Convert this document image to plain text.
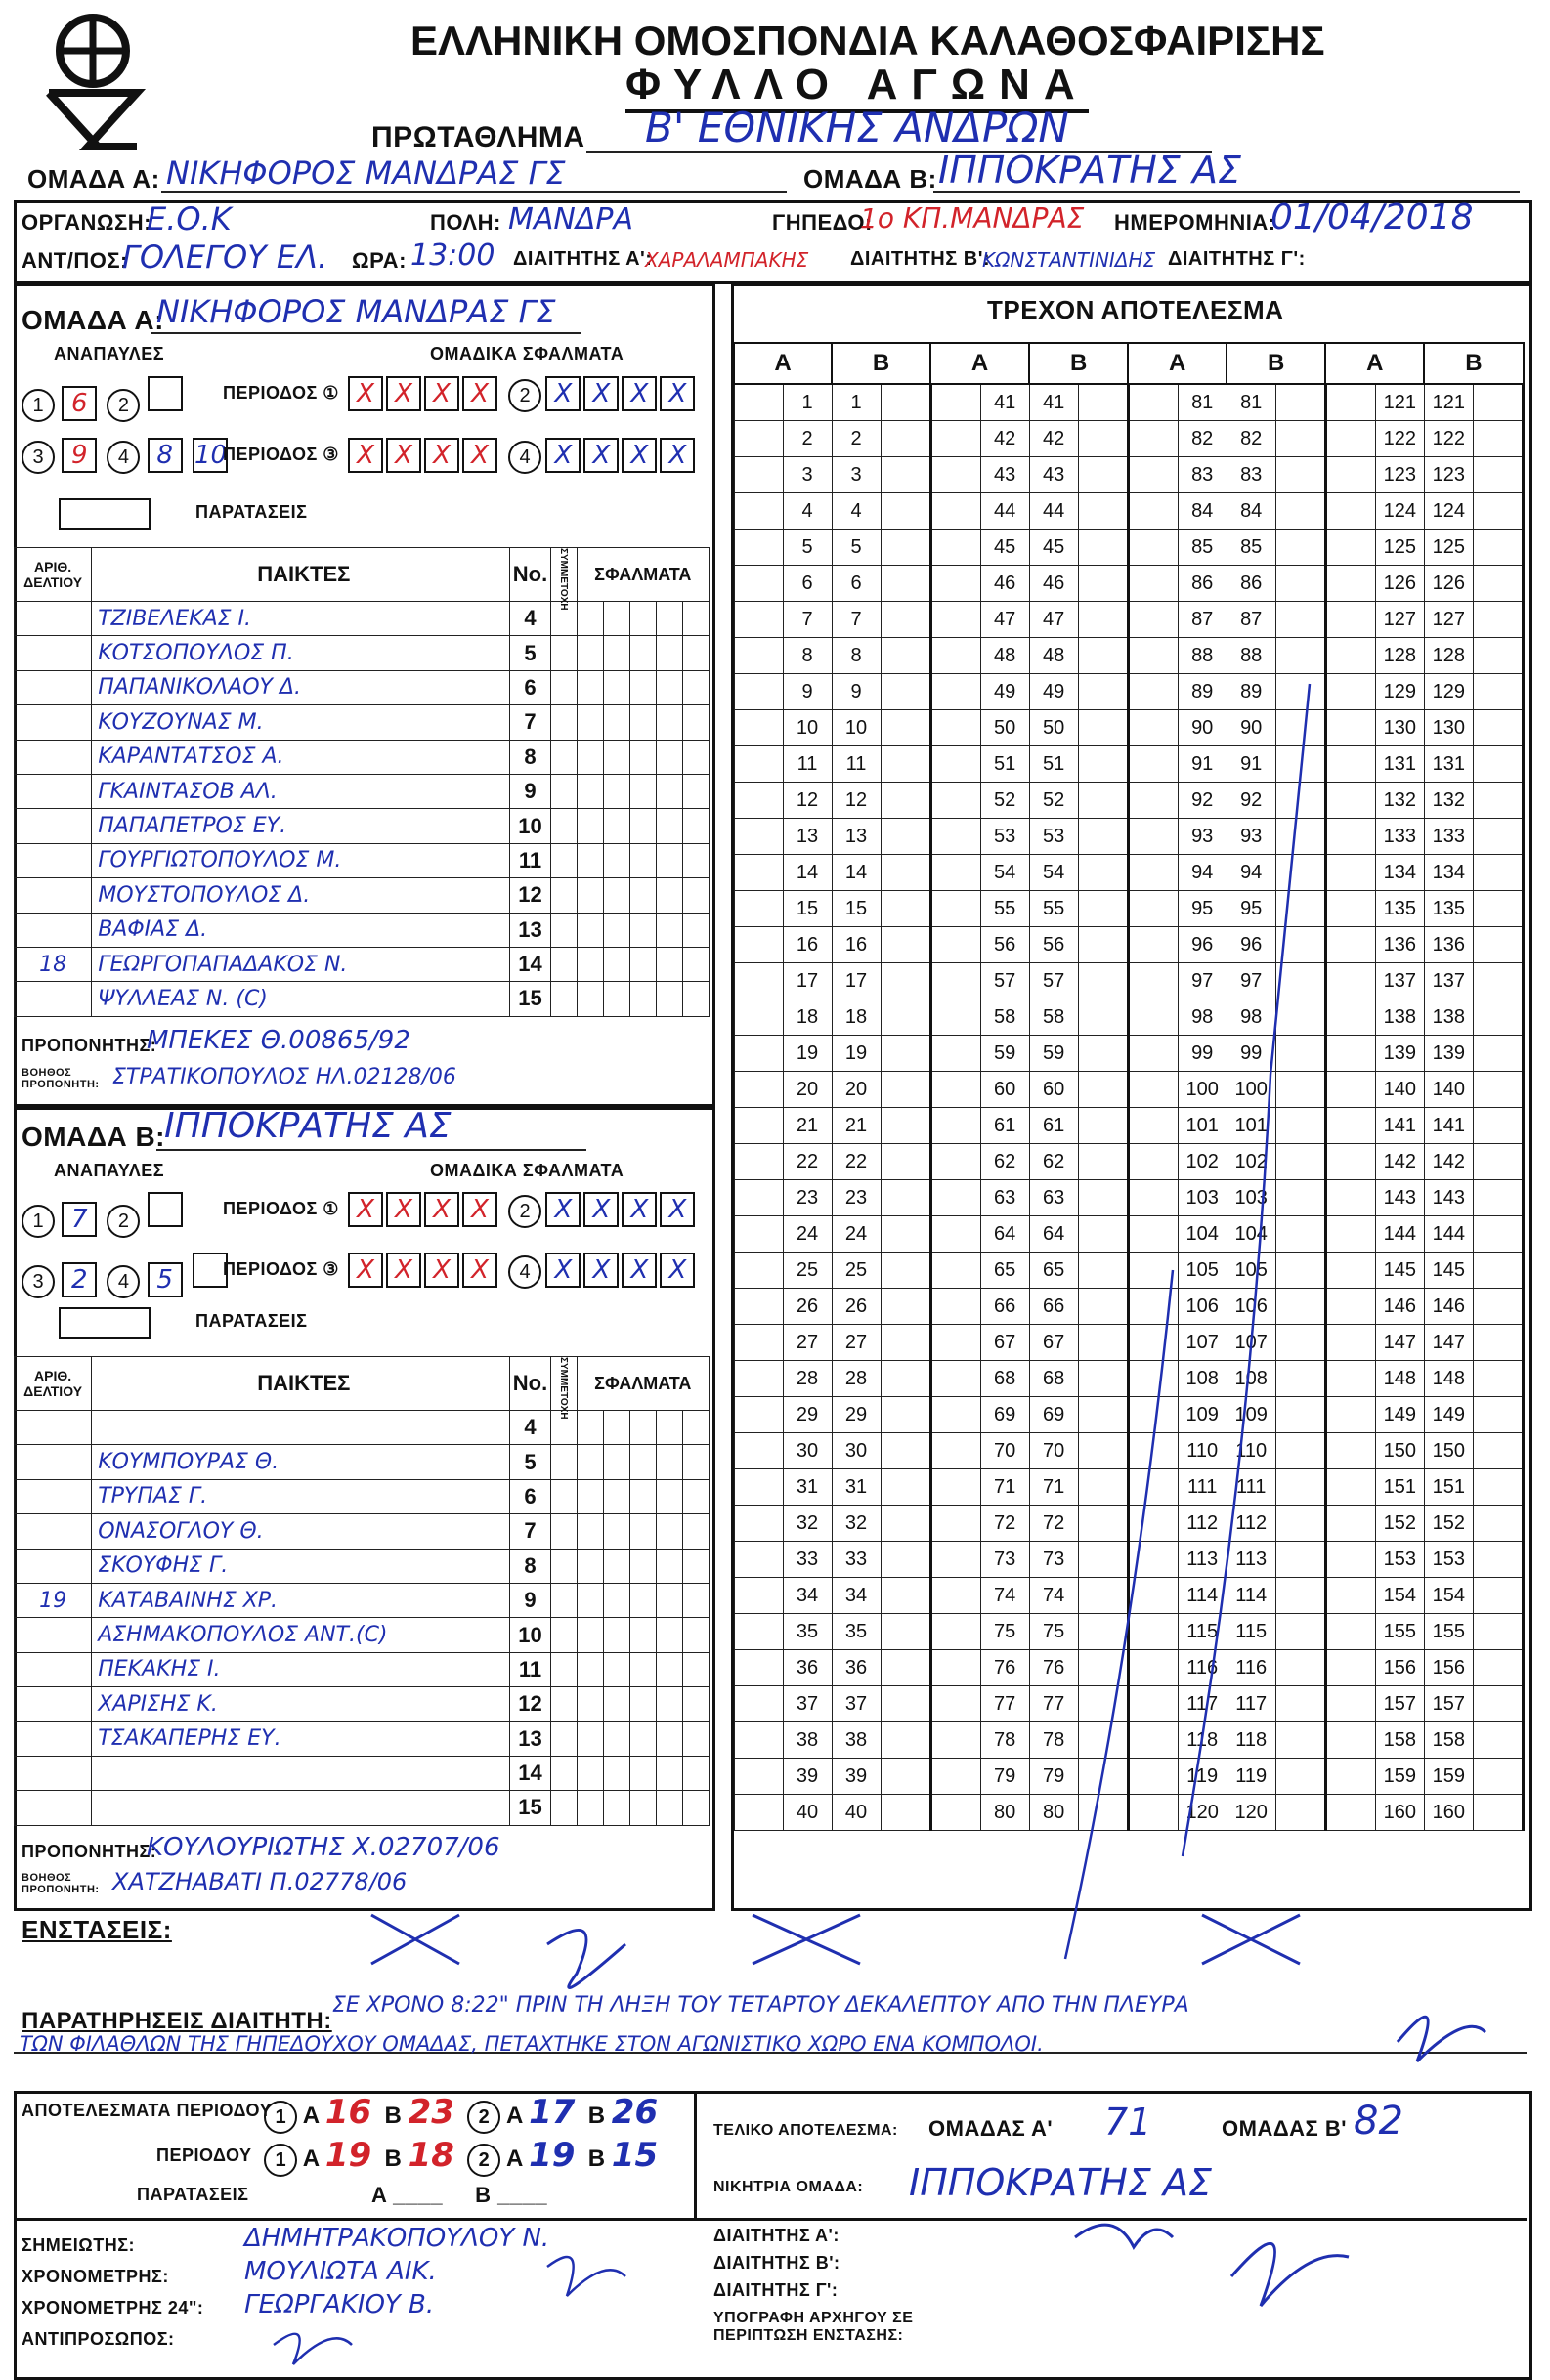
ΕΛΛΗΝΙΚΗ ΟΜΟΣΠΟΝΔΙΑ ΚΑΛΑΘΟΣΦΑΙΡΙΣΗΣ
ΦΥΛΛΟ ΑΓΩΝΑ
ΠΡΩΤΑΘΛΗΜΑ Β' ΕΘΝΙΚΗΣ ΑΝΔΡΩΝ
ΟΜΑΔΑ Α: ΝΙΚΗΦΟΡΟΣ ΜΑΝΔΡΑΣ ΓΣ	ΟΜΑΔΑ Β: ΙΠΠΟΚΡΑΤΗΣ ΑΣ
ΟΡΓΑΝΩΣΗ:
Ε.Ο.Κ	ΠΟΛΗ: ΜΑΝΔΡΑ	ΓΗΠΕΔΟ:
1ο ΚΠ.ΜΑΝΔΡΑΣ ΗΜΕΡΟΜΗΝΙΑ:
01/04/2018
ΑΝΤ/ΠΟΣ:
ΓΟΛΕΓΟΥ ΕΛ. ΩΡΑ: 13:00 ΔΙΑΙΤΗΤΗΣ Α':
ΧΑΡΑΛΑΜΠΑΚΗΣ ΔΙΑΙΤΗΤΗΣ Β':
ΚΩΝΣΤΑΝΤΙΝΙΔΗΣ ΔΙΑΙΤΗΤΗΣ Γ':
ΟΜΑΔΑ Α:
ΝΙΚΗΦΟΡΟΣ ΜΑΝΔΡΑΣ ΓΣ
ΑΝΑΠΑΥΛΕΣ	ΟΜΑΔΙΚΑ ΣΦΑΛΜΑΤΑ
1 6 2
ΠΕΡΙΟΔΟΣ ① X X X X	2 X X X X
3 9 4 8 10
ΠΕΡΙΟΔΟΣ ③ X X X X	4 X X X X
ΠΑΡΑΤΑΣΕΙΣ
ΑΡΙΘ. ΔΕΛΤΙΟΥ	ΠΑΙΚΤΕΣ	No.	ΣΥΜΜΕΤΟΧΗ	ΣΦΑΛΜΑΤΑ				
	ΤΖΙΒΕΛΕΚΑΣ Ι.	4						
	ΚΟΤΣΟΠΟΥΛΟΣ Π.	5						
	ΠΑΠΑΝΙΚΟΛΑΟΥ Δ.	6						
	ΚΟΥΖΟΥΝΑΣ Μ.	7						
	ΚΑΡΑΝΤΑΤΣΟΣ Α.	8						
	ΓΚΑΙΝΤΑΣΟΒ ΑΛ.	9						
	ΠΑΠΑΠΕΤΡΟΣ ΕΥ.	10						
	ΓΟΥΡΓΙΩΤΟΠΟΥΛΟΣ Μ.	11						
	ΜΟΥΣΤΟΠΟΥΛΟΣ Δ.	12						
	ΒΑΦΙΑΣ Δ.	13						
18	ΓΕΩΡΓΟΠΑΠΑΔΑΚΟΣ Ν.	14						
	ΨΥΛΛΕΑΣ Ν. (C)	15						
ΠΡΟΠΟΝΗΤΗΣ:
ΜΠΕΚΕΣ Θ.00865/92
ΒΟΗΘΟΣ ΠΡΟΠΟΝΗΤΗ: ΣΤΡΑΤΙΚΟΠΟΥΛΟΣ ΗΛ.02128/06
ΟΜΑΔΑ Β: ΙΠΠΟΚΡΑΤΗΣ ΑΣ
ΑΝΑΠΑΥΛΕΣ	ΟΜΑΔΙΚΑ ΣΦΑΛΜΑΤΑ
1 7 2
ΠΕΡΙΟΔΟΣ ① X X X X	2 X X X X
3 2 4 5	ΠΕΡΙΟΔΟΣ ③ X X X X	4 X X X X
ΠΑΡΑΤΑΣΕΙΣ
ΑΡΙΘ. ΔΕΛΤΙΟΥ	ΠΑΙΚΤΕΣ	No.	ΣΥΜΜΕΤΟΧΗ	ΣΦΑΛΜΑΤΑ				
		4						
	ΚΟΥΜΠΟΥΡΑΣ Θ.	5						
	ΤΡΥΠΑΣ Γ.	6						
	ΟΝΑΣΟΓΛΟΥ Θ.	7						
	ΣΚΟΥΦΗΣ Γ.	8						
19	ΚΑΤΑΒΑΙΝΗΣ ΧΡ.	9						
	ΑΣΗΜΑΚΟΠΟΥΛΟΣ ΑΝΤ.(C)	10						
	ΠΕΚΑΚΗΣ Ι.	11						
	ΧΑΡΙΣΗΣ Κ.	12						
	ΤΣΑΚΑΠΕΡΗΣ ΕΥ.	13						
		14						
		15						
ΠΡΟΠΟΝΗΤΗΣ:
ΚΟΥΛΟΥΡΙΩΤΗΣ Χ.02707/06
ΒΟΗΘΟΣ ΠΡΟΠΟΝΗΤΗ: ΧΑΤΖΗΑΒΑΤΙ Π.02778/06
ΤΡΕΧΟΝ ΑΠΟΤΕΛΕΣΜΑ
Α		Β		Α		Β		Α		Β		Α		Β	
	1	1			41	41			81	81			121	121	
	2	2			42	42			82	82			122	122	
	3	3			43	43			83	83			123	123	
	4	4			44	44			84	84			124	124	
	5	5			45	45			85	85			125	125	
	6	6			46	46			86	86			126	126	
	7	7			47	47			87	87			127	127	
	8	8			48	48			88	88			128	128	
	9	9			49	49			89	89			129	129	
	10	10			50	50			90	90			130	130	
	11	11			51	51			91	91			131	131	
	12	12			52	52			92	92			132	132	
	13	13			53	53			93	93			133	133	
	14	14			54	54			94	94			134	134	
	15	15			55	55			95	95			135	135	
	16	16			56	56			96	96			136	136	
	17	17			57	57			97	97			137	137	
	18	18			58	58			98	98			138	138	
	19	19			59	59			99	99			139	139	
	20	20			60	60			100	100			140	140	
	21	21			61	61			101	101			141	141	
	22	22			62	62			102	102			142	142	
	23	23			63	63			103	103			143	143	
	24	24			64	64			104	104			144	144	
	25	25			65	65			105	105			145	145	
	26	26			66	66			106	106			146	146	
	27	27			67	67			107	107			147	147	
	28	28			68	68			108	108			148	148	
	29	29			69	69			109	109			149	149	
	30	30			70	70			110	110			150	150	
	31	31			71	71			111	111			151	151	
	32	32			72	72			112	112			152	152	
	33	33			73	73			113	113			153	153	
	34	34			74	74			114	114			154	154	
	35	35			75	75			115	115			155	155	
	36	36			76	76			116	116			156	156	
	37	37			77	77			117	117			157	157	
	38	38			78	78			118	118			158	158	
	39	39			79	79			119	119			159	159	
	40	40			80	80			120	120			160	160	
ΕΝΣΤΑΣΕΙΣ:
ΠΑΡΑΤΗΡΗΣΕΙΣ ΔΙΑΙΤΗΤΗ:
ΣΕ ΧΡΟΝΟ 8:22" ΠΡΙΝ ΤΗ ΛΗΞΗ ΤΟΥ ΤΕΤΑΡΤΟΥ ΔΕΚΑΛΕΠΤΟΥ ΑΠΟ ΤΗΝ ΠΛΕΥΡΑ
ΤΩΝ ΦΙΛΑΘΛΩΝ ΤΗΣ ΓΗΠΕΔΟΥΧΟΥ ΟΜΑΔΑΣ, ΠΕΤΑΧΤΗΚΕ ΣΤΟΝ ΑΓΩΝΙΣΤΙΚΟ ΧΩΡΟ ΕΝΑ ΚΟΜΠΟΛΟΙ.
ΑΠΟΤΕΛΕΣΜΑΤΑ ΠΕΡΙΟΔΟΥ 1 A 16  B 23 2 A 17  B 26
ΠΕΡΙΟΔΟΥ	1 A 19  B 18 2 A 19  B 15
ΠΑΡΑΤΑΣΕΙΣ	A ____     B ____
ΤΕΛΙΚΟ ΑΠΟΤΕΛΕΣΜΑ: ΟΜΑΔΑΣ Α' 71	ΟΜΑΔΑΣ Β' 82
ΝΙΚΗΤΡΙΑ ΟΜΑΔΑ: ΙΠΠΟΚΡΑΤΗΣ ΑΣ
ΣΗΜΕΙΩΤΗΣ:	ΔΗΜΗΤΡΑΚΟΠΟΥΛΟΥ Ν.
ΧΡΟΝΟΜΕΤΡΗΣ:	ΜΟΥΛΙΩΤΑ ΑΙΚ.
ΧΡΟΝΟΜΕΤΡΗΣ 24": ΓΕΩΡΓΑΚΙΟΥ Β.
ΑΝΤΙΠΡΟΣΩΠΟΣ:
ΔΙΑΙΤΗΤΗΣ Α':
ΔΙΑΙΤΗΤΗΣ Β':
ΔΙΑΙΤΗΤΗΣ Γ':
ΥΠΟΓΡΑΦΗ ΑΡΧΗΓΟΥ ΣΕ ΠΕΡΙΠΤΩΣΗ ΕΝΣΤΑΣΗΣ:
